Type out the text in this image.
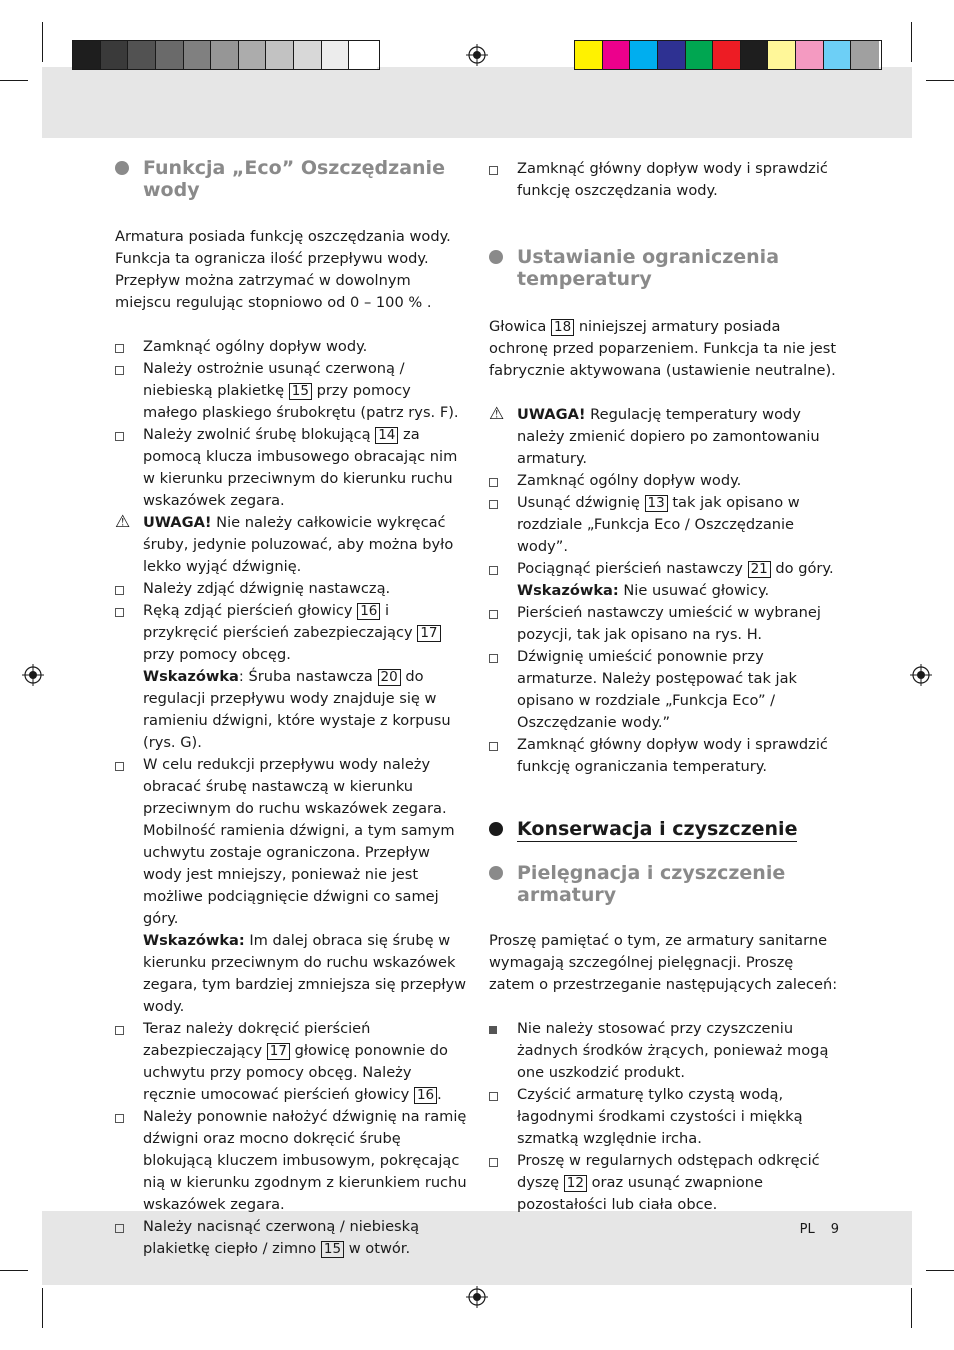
Funkcja „Eco” Oszczędzanie wody

Armatura posiada funkcję oszczędzania wody. Funkcja ta ogranicza ilość przepływu wody. Przepływ można zatrzymać w dowolnym miejscu regulując stopniowo od 0 – 100 % .

Zamknąć ogólny dopływ wody.
Należy ostrożnie usunąć czerwoną / niebieską plakietkę 15 przy pomocy małego plaskiego śrubokrętu (patrz rys. F).
Należy zwolnić śrubę blokującą 14 za pomocą klucza imbusowego obracając nim w kierunku przeciwnym do kierunku ruchu wskazówek zegara.
⚠ UWAGA! Nie należy całkowicie wykręcać śruby, jedynie poluzować, aby można było lekko wyjąć dźwignię.
Należy zdjąć dźwignię nastawczą.
Ręką zdjąć pierścień głowicy 16 i przykręcić pierścień zabezpieczający 17 przy pomocy obcęg.
Wskazówka: Śruba nastawcza 20 do regulacji przepływu wody znajduje się w ramieniu dźwigni, które wystaje z korpusu (rys. G).
W celu redukcji przepływu wody należy obracać śrubę nastawczą w kierunku przeciwnym do ruchu wskazówek zegara. Mobilność ramienia dźwigni, a tym samym uchwytu zostaje ograniczona. Przepływ wody jest mniejszy, ponieważ nie jest możliwe podciągnięcie dźwigni co samej góry.
Wskazówka: Im dalej obraca się śrubę w kierunku przeciwnym do ruchu wskazówek zegara, tym bardziej zmniejsza się przepływ wody.
Teraz należy dokręcić pierścień zabezpieczający 17 głowicę ponownie do uchwytu przy pomocy obcęg. Należy ręcznie umocować pierścień głowicy 16 .
Należy ponownie nałożyć dźwignię na ramię dźwigni oraz mocno dokręcić śrubę blokującą kluczem imbusowym, pokręcając nią w kierunku zgodnym z kierunkiem ruchu wskazówek zegara.
Należy nacisnąć czerwoną / niebieską plakietkę ciepło / zimno 15 w otwór.
Zamknąć główny dopływ wody i sprawdzić funkcję oszczędzania wody.
Ustawianie ograniczenia temperatury

Głowica 18 niniejszej armatury posiada ochronę przed poparzeniem. Funkcja ta nie jest fabrycznie aktywowana (ustawienie neutralne).

⚠ UWAGA! Regulację temperatury wody należy zmienić dopiero po zamontowaniu armatury.
Zamknąć ogólny dopływ wody.
Usunąć dźwignię 13 tak jak opisano w rozdziale „Funkcja Eco / Oszczędzanie wody”.
Pociągnąć pierścień nastawczy 21 do góry.
Wskazówka: Nie usuwać głowicy.
Pierścień nastawczy umieścić w wybranej pozycji, tak jak opisano na rys. H.
Dźwignię umieścić ponownie przy armaturze. Należy postępować tak jak opisano w rozdziale „Funkcja Eco” / Oszczędzanie wody.”
Zamknąć główny dopływ wody i sprawdzić funkcję ograniczania temperatury.
Konserwacja i czyszczenie
Pielęgnacja i czyszczenie armatury

Proszę pamiętać o tym, ze armatury sanitarne wymagają szczególnej pielęgnacji. Proszę zatem o przestrzeganie następujących zaleceń:

Nie należy stosować przy czyszczeniu żadnych środków żrących, ponieważ mogą one uszkodzić produkt.
Czyścić armaturę tylko czystą wodą, łagodnymi środkami czystości i miękką szmatką względnie ircha.
Proszę w regularnych odstępach odkręcić dyszę 12 oraz usunąć zwapnione pozostałości lub ciała obce.
PL 9
